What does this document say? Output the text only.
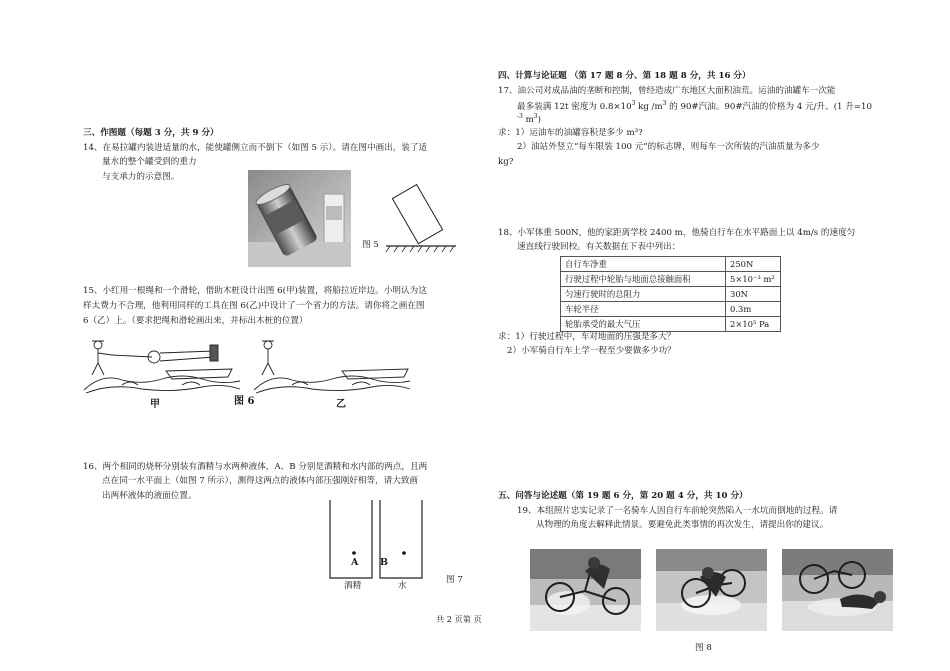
三、作图题（每题 3 分，共 9 分）
14、在易拉罐内装进适量的水，能使罐侧立而不倒下（如图 5 示）。请在图中画出，装了适
量水的整个罐受到的重力
与支承力的示意图。
图 5
15、小红用一根绳和一个滑轮，借助木桩设计出图 6(甲)装置，将船拉近岸边。小明认为这
样太费力不合理，他利用同样的工具在图 6(乙)中设计了一个省力的方法。请你将之画在图
6（乙）上。（要求把绳和滑轮画出来，并标出木桩的位置）
甲	图 6	乙
16、两个相同的烧杯分别装有酒精与水两种液体，A、B 分别是酒精和水内部的两点，且两
点在同一水平面上（如图 7 所示），测得这两点的液体内部压强刚好相等，请大致画
出两杯液体的液面位置。
A B
酒精	水
图 7
共 2 页第 页
四、计算与论证题 （第 17 题 8 分、第 18 题 8 分，共 16 分）
17、油公司对成品油的垄断和控制，曾经造成广东地区大面积油荒。运油的油罐车一次能
最多装满 12t 密度为 $0.8\times 10^3$ kg $/m^3$ 的 90#汽油。90#汽油的价格为 4 元/升。(1 升=10
$^{-3}$ $m^3$)
求：1）运油车的油罐容积是多少 m³?
2）油站外竖立“每车限装 100 元”的标志牌，则每车一次所装的汽油质量为多少
kg?
18、小军体重 500N，他的家距离学校 2400 m，他骑自行车在水平路面上以 4m/s 的速度匀
速直线行驶回校。有关数据在下表中列出：
自行车净重	250N
行驶过程中轮胎与地面总接触面积	5×10⁻³ m²
匀速行驶时的总阻力	30N
车轮半径	0.3m
轮胎承受的最大气压	2×10⁵ Pa
求：1）行驶过程中，车对地面的压强是多大？
2）小军骑自行车上学一程至少要做多少功？
五、问答与论述题（第 19 题 6 分，第 20 题 4 分，共 10 分）
19、本组照片忠实记录了一名骑车人因自行车前轮突然陷入一水坑而倒地的过程。请
从物理的角度去解释此情景。要避免此类事情的再次发生，请提出你的建议。
图 8
